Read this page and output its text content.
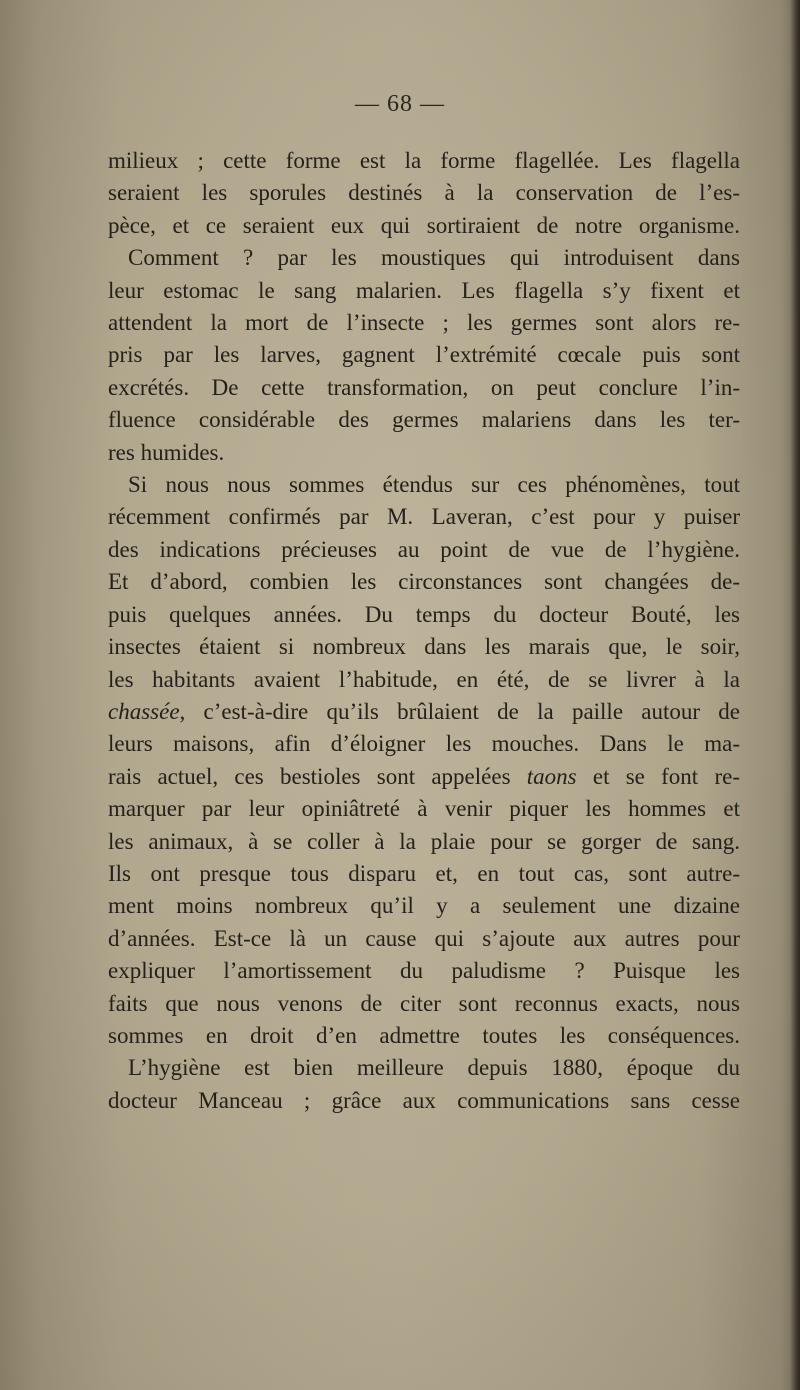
— 68 —
milieux ; cette forme est la forme flagellée. Les flagella
seraient les sporules destinés à la conservation de l’es-
pèce, et ce seraient eux qui sortiraient de notre organisme.
Comment ? par les moustiques qui introduisent dans
leur estomac le sang malarien. Les flagella s’y fixent et
attendent la mort de l’insecte ; les germes sont alors re-
pris par les larves, gagnent l’extrémité cœcale puis sont
excrétés. De cette transformation, on peut conclure l’in-
fluence considérable des germes malariens dans les ter-
res humides.
Si nous nous sommes étendus sur ces phénomènes, tout
récemment confirmés par M. Laveran, c’est pour y puiser
des indications précieuses au point de vue de l’hygiène.
Et d’abord, combien les circonstances sont changées de-
puis quelques années. Du temps du docteur Bouté, les
insectes étaient si nombreux dans les marais que, le soir,
les habitants avaient l’habitude, en été, de se livrer à la
chassée, c’est-à-dire qu’ils brûlaient de la paille autour de
leurs maisons, afin d’éloigner les mouches. Dans le ma-
rais actuel, ces bestioles sont appelées taons et se font re-
marquer par leur opiniâtreté à venir piquer les hommes et
les animaux, à se coller à la plaie pour se gorger de sang.
Ils ont presque tous disparu et, en tout cas, sont autre-
ment moins nombreux qu’il y a seulement une dizaine
d’années. Est-ce là un cause qui s’ajoute aux autres pour
expliquer l’amortissement du paludisme ? Puisque les
faits que nous venons de citer sont reconnus exacts, nous
sommes en droit d’en admettre toutes les conséquences.
L’hygiène est bien meilleure depuis 1880, époque du
docteur Manceau ; grâce aux communications sans cesse
